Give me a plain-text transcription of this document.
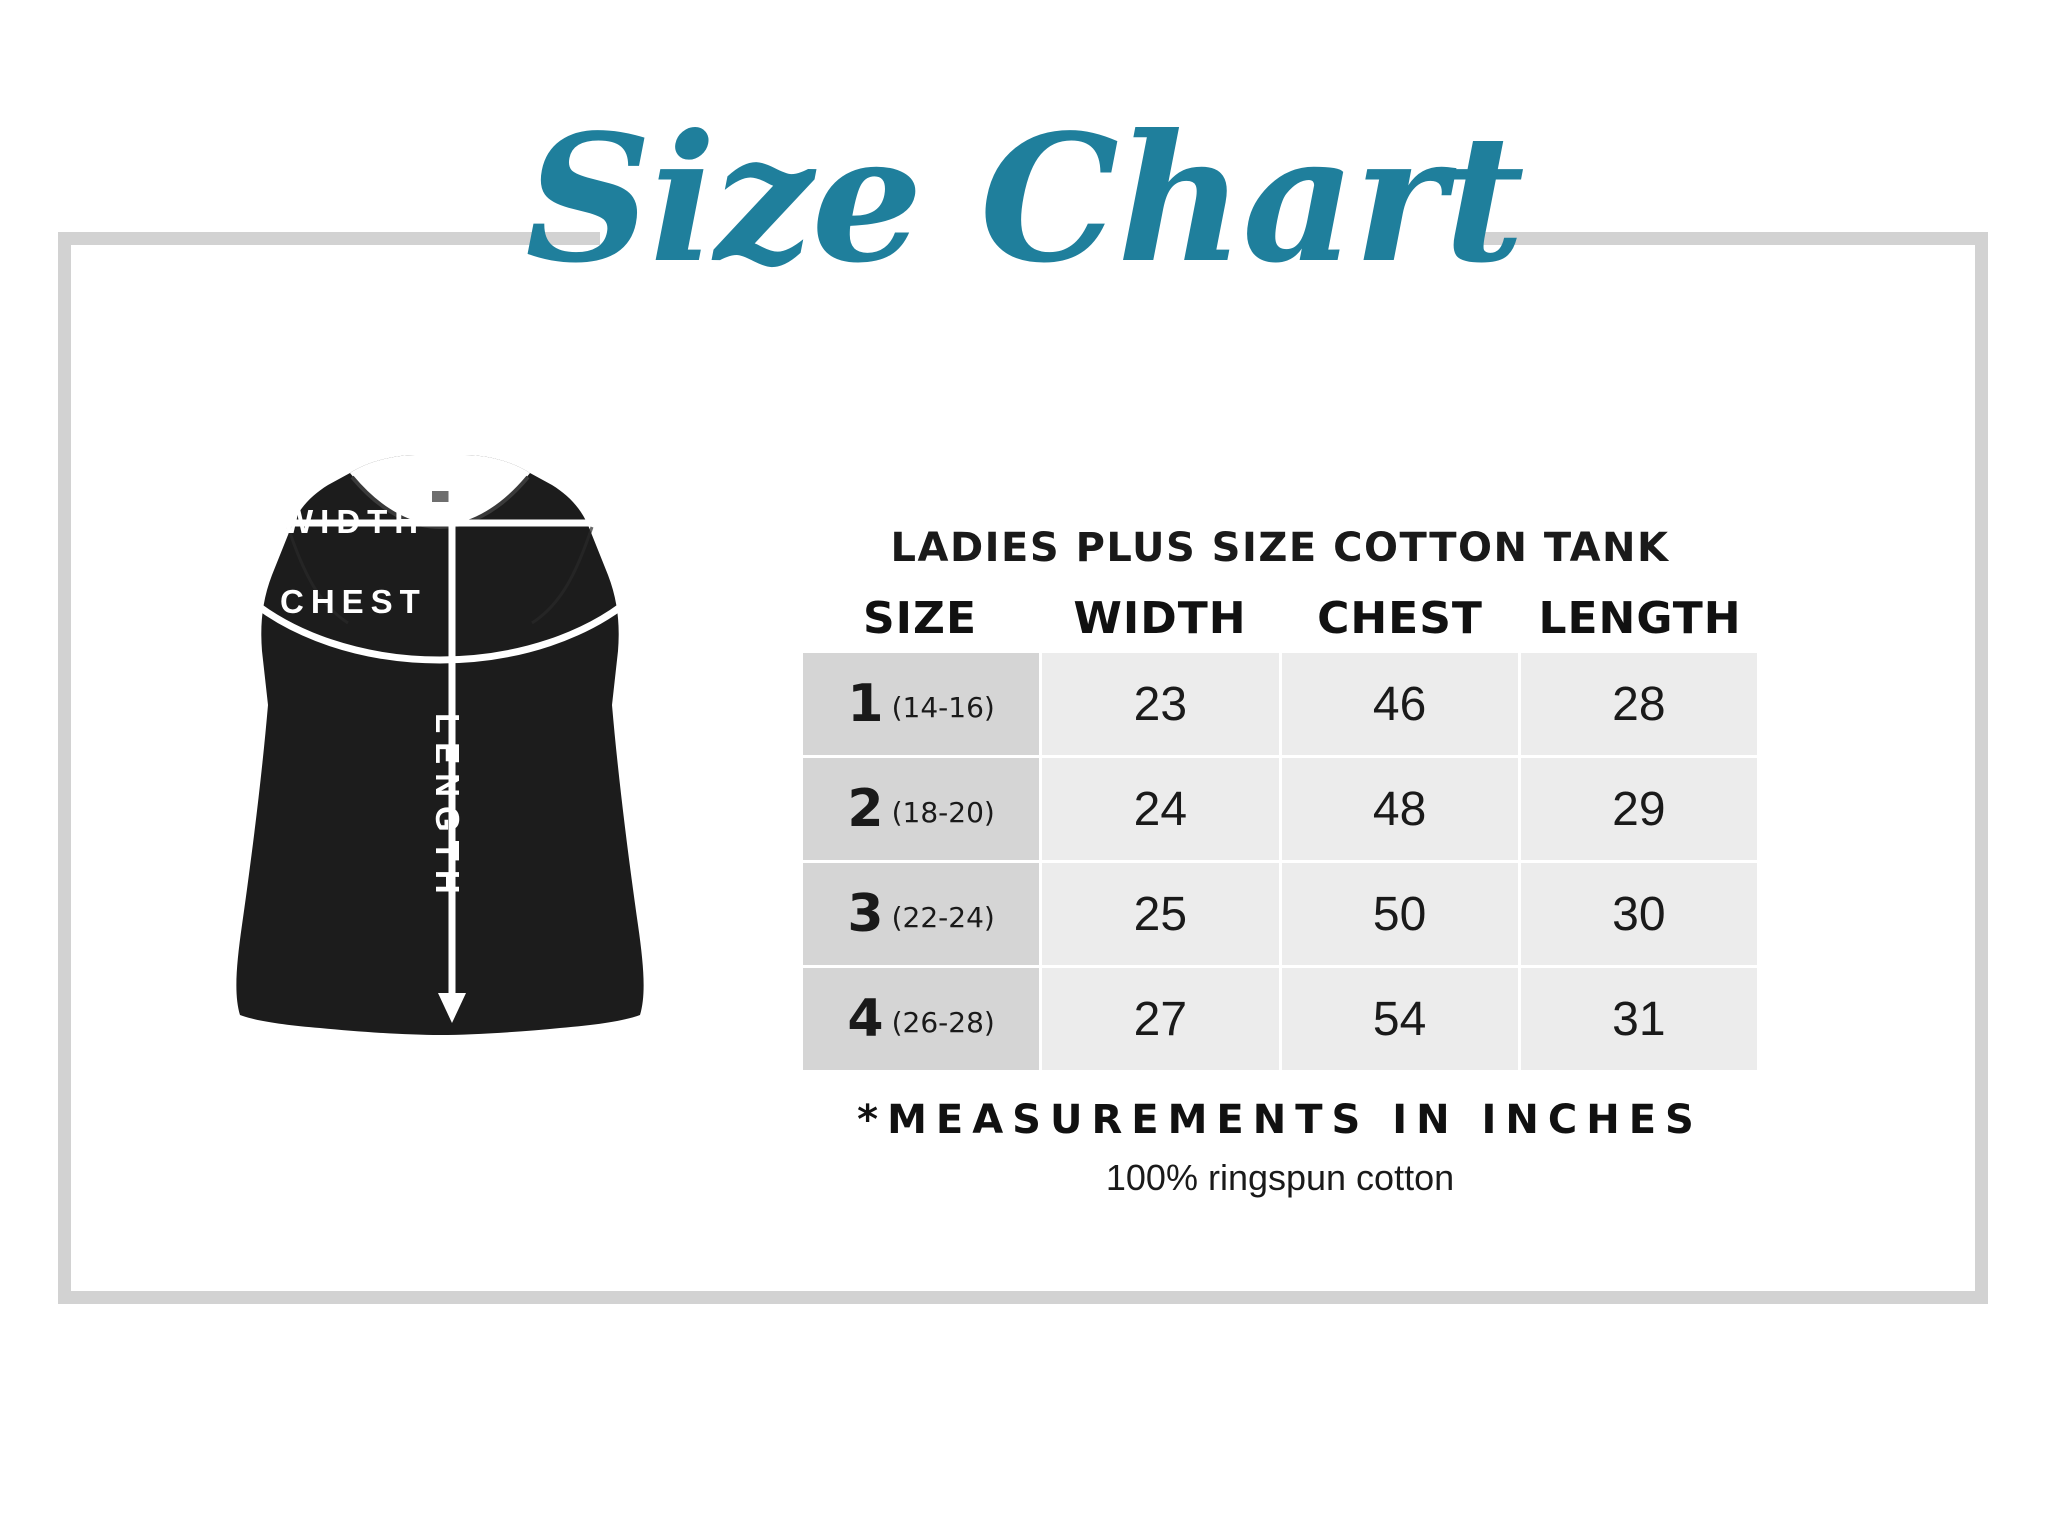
Size Chart
WIDTH
CHEST
LENGTH
LADIES PLUS SIZE COTTON TANK
SIZE	WIDTH	CHEST	LENGTH
1 (14-16)	23	46	28
2 (18-20)	24	48	29
3 (22-24)	25	50	30
4 (26-28)	27	54	31
*MEASUREMENTS IN INCHES
100% ringspun cotton
